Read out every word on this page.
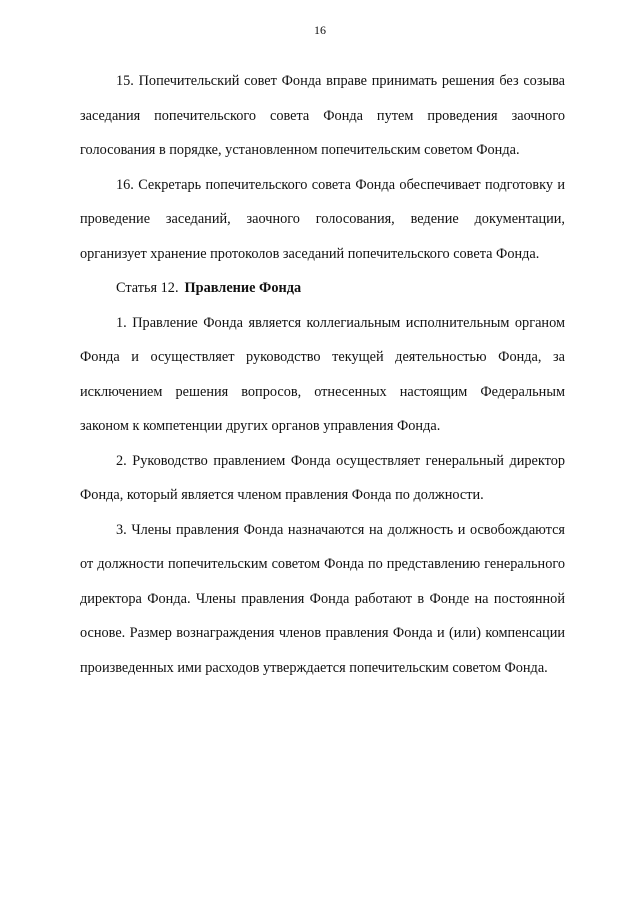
16

15. Попечительский совет Фонда вправе принимать решения без созыва заседания попечительского совета Фонда путем проведения заочного голосования в порядке, установленном попечительским советом Фонда.

16. Секретарь попечительского совета Фонда обеспечивает подготовку и проведение заседаний, заочного голосования, ведение документации, организует хранение протоколов заседаний попечительского совета Фонда.

Статья 12. Правление Фонда

1. Правление Фонда является коллегиальным исполнительным органом Фонда и осуществляет руководство текущей деятельностью Фонда, за исключением решения вопросов, отнесенных настоящим Федеральным законом к компетенции других органов управления Фонда.

2. Руководство правлением Фонда осуществляет генеральный директор Фонда, который является членом правления Фонда по должности.

3. Члены правления Фонда назначаются на должность и освобождаются от должности попечительским советом Фонда по представлению генерального директора Фонда. Члены правления Фонда работают в Фонде на постоянной основе. Размер вознаграждения членов правления Фонда и (или) компенсации произведенных ими расходов утверждается попечительским советом Фонда.
